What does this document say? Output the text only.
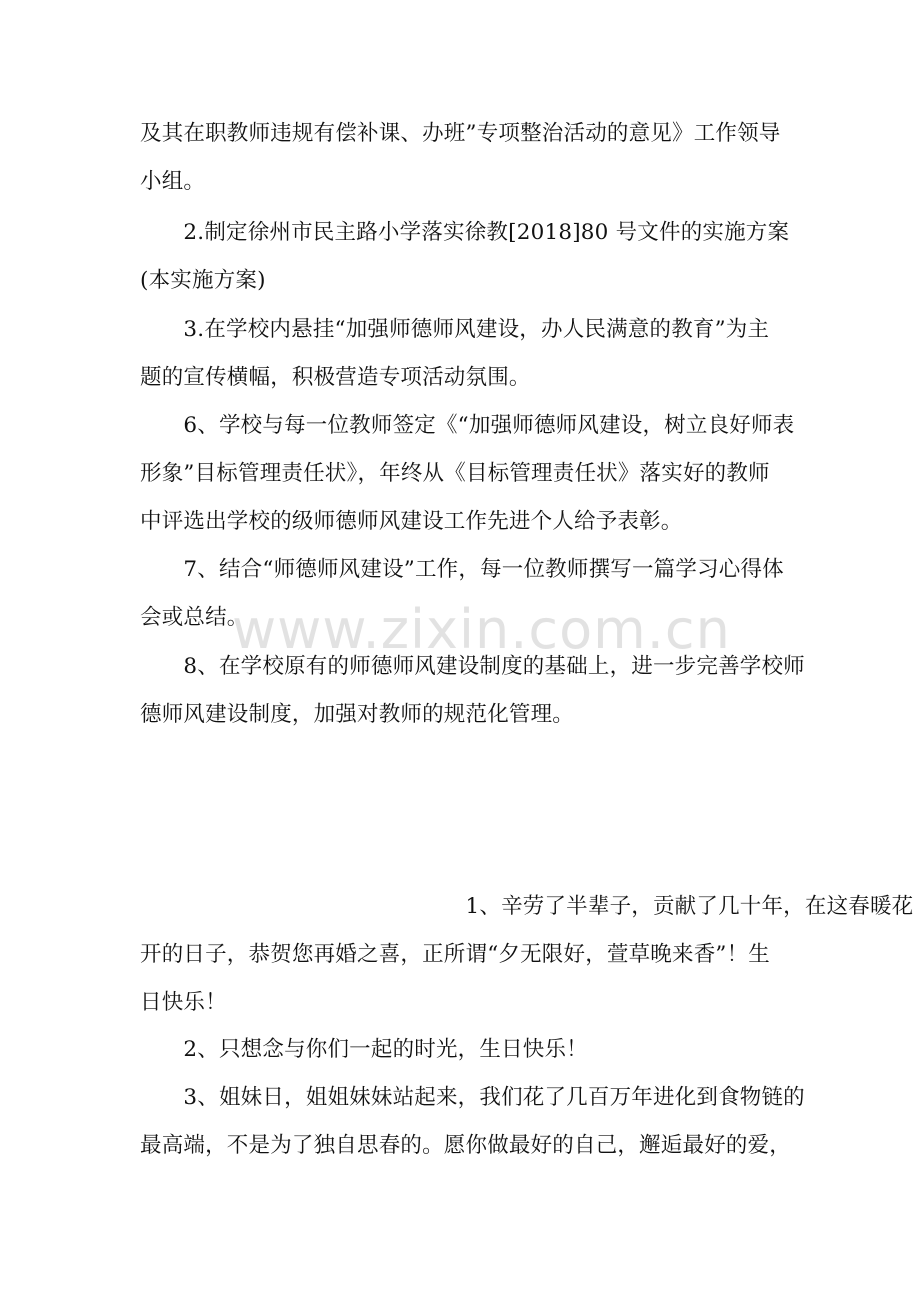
及其在职教师违规有偿补课、办班”专项整治活动的意见》工作领导
小组。
　　2.制定徐州市民主路小学落实徐教[2018]80 号文件的实施方案
(本实施方案)
　　3.在学校内悬挂“加强师德师风建设，办人民满意的教育”为主
题的宣传横幅，积极营造专项活动氛围。
　　6、学校与每一位教师签定《“加强师德师风建设，树立良好师表
形象”目标管理责任状》，年终从《目标管理责任状》落实好的教师
中评选出学校的级师德师风建设工作先进个人给予表彰。
　　7、结合“师德师风建设”工作，每一位教师撰写一篇学习心得体
会或总结。
　　8、在学校原有的师德师风建设制度的基础上，进一步完善学校师
德师风建设制度，加强对教师的规范化管理。
　　　　　　　　　　　　　　　1、辛劳了半辈子，贡献了几十年，在这春暖花
开的日子，恭贺您再婚之喜，正所谓“夕无限好，萱草晚来香”！生
日快乐！
　　2、只想念与你们一起的时光，生日快乐！
　　3、姐妹日，姐姐妹妹站起来，我们花了几百万年进化到食物链的
最高端，不是为了独自思春的。愿你做最好的自己，邂逅最好的爱，
www.zixin.com.cn
